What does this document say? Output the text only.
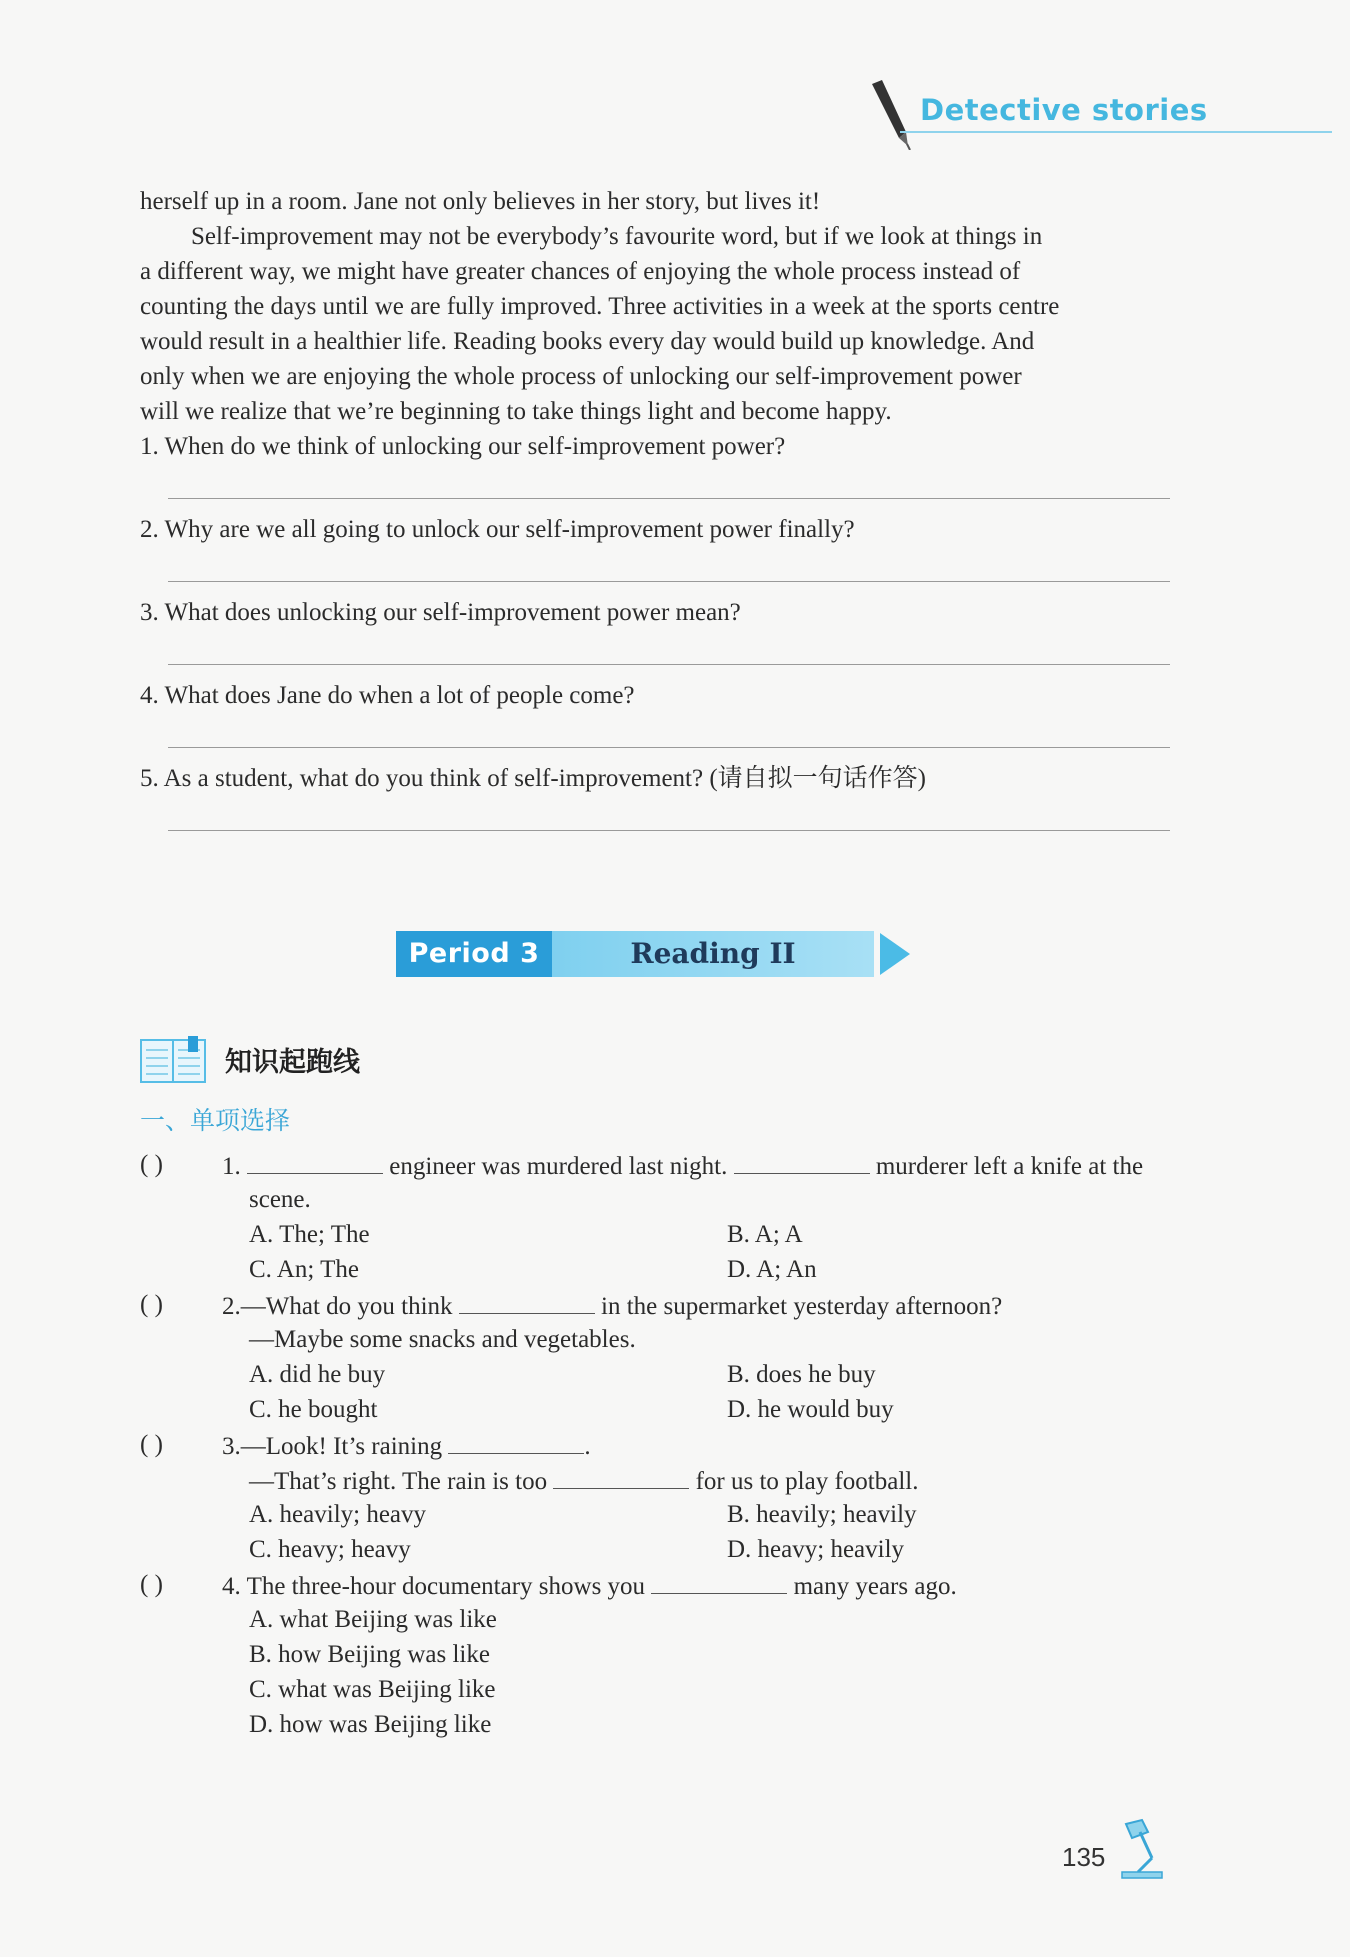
Detective stories
herself up in a room. Jane not only believes in her story, but lives it!
Self-improvement may not be everybody’s favourite word, but if we look at things in
a different way, we might have greater chances of enjoying the whole process instead of
counting the days until we are fully improved. Three activities in a week at the sports centre
would result in a healthier life. Reading books every day would build up knowledge. And
only when we are enjoying the whole process of unlocking our self-improvement power
will we realize that we’re beginning to take things light and become happy.
1. When do we think of unlocking our self-improvement power?
2. Why are we all going to unlock our self-improvement power finally?
3. What does unlocking our self-improvement power mean?
4. What does Jane do when a lot of people come?
5. As a student, what do you think of self-improvement? (请自拟一句话作答)
Period 3	Reading II
知识起跑线
一、单项选择
( ) 1.	engineer was murdered last night.	murderer left a knife at the
scene.
A. The; The	B. A; A
C. An; The	D. A; An
( ) 2.—What do you think	in the supermarket yesterday afternoon?
—Maybe some snacks and vegetables.
A. did he buy	B. does he buy
C. he bought	D. he would buy
( ) 3.—Look! It’s raining	.
—That’s right. The rain is too	for us to play football.
A. heavily; heavy	B. heavily; heavily
C. heavy; heavy	D. heavy; heavily
( ) 4. The three-hour documentary shows you	many years ago.
A. what Beijing was like
B. how Beijing was like
C. what was Beijing like
D. how was Beijing like
135
